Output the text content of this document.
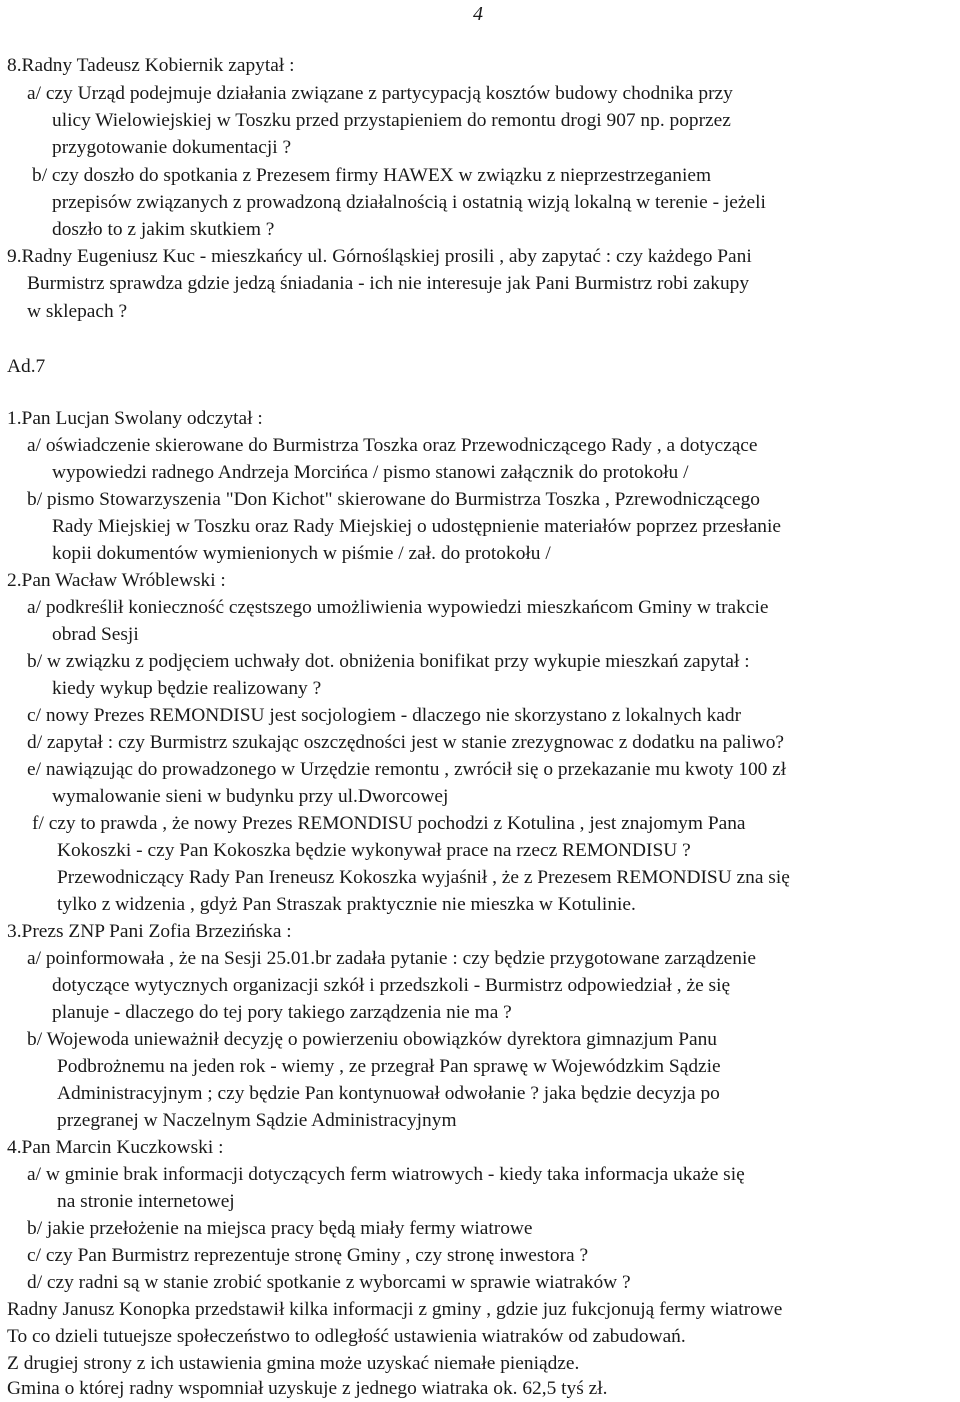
4
8.Radny Tadeusz Kobiernik zapytał :
a/ czy Urząd podejmuje działania związane z partycypacją kosztów budowy chodnika przy
ulicy Wielowiejskiej w Toszku przed przystapieniem do remontu drogi 907 np. poprzez
przygotowanie dokumentacji ?
b/ czy doszło do spotkania z Prezesem firmy HAWEX w związku z nieprzestrzeganiem
przepisów związanych z prowadzoną działalnością i ostatnią wizją lokalną w terenie - jeżeli
doszło to z jakim skutkiem ?
9.Radny Eugeniusz Kuc - mieszkańcy ul. Górnośląskiej prosili , aby zapytać : czy każdego Pani
Burmistrz sprawdza gdzie jedzą śniadania - ich nie interesuje jak Pani Burmistrz robi zakupy
w sklepach ?
Ad.7
1.Pan Lucjan Swolany odczytał :
a/ oświadczenie skierowane do Burmistrza Toszka oraz Przewodniczącego Rady , a dotyczące
wypowiedzi radnego Andrzeja Morcińca / pismo stanowi załącznik do protokołu /
b/ pismo Stowarzyszenia "Don Kichot" skierowane do Burmistrza Toszka , Pzrewodniczącego
Rady Miejskiej w Toszku oraz Rady Miejskiej o udostępnienie materiałów poprzez przesłanie
kopii dokumentów wymienionych w piśmie / zał. do protokołu /
2.Pan Wacław Wróblewski :
a/ podkreślił konieczność częstszego umożliwienia wypowiedzi mieszkańcom Gminy w trakcie
obrad Sesji
b/ w związku z podjęciem uchwały dot. obniżenia bonifikat przy wykupie mieszkań zapytał :
kiedy wykup będzie realizowany ?
c/ nowy Prezes REMONDISU jest socjologiem - dlaczego nie skorzystano z lokalnych kadr
d/ zapytał : czy Burmistrz szukając oszczędności jest w stanie zrezygnowac z dodatku na paliwo?
e/ nawiązując do prowadzonego w Urzędzie remontu , zwrócił się o przekazanie mu kwoty 100 zł
wymalowanie sieni w budynku przy ul.Dworcowej
f/ czy to prawda , że nowy Prezes REMONDISU pochodzi z Kotulina , jest znajomym Pana
Kokoszki - czy Pan Kokoszka będzie wykonywał prace na rzecz REMONDISU ?
Przewodniczący Rady Pan Ireneusz Kokoszka wyjaśnił , że z Prezesem REMONDISU zna się
tylko z widzenia , gdyż Pan Straszak praktycznie nie mieszka w Kotulinie.
3.Prezs ZNP Pani Zofia Brzezińska :
a/ poinformowała , że na Sesji 25.01.br zadała pytanie : czy będzie przygotowane zarządzenie
dotyczące wytycznych organizacji szkół i przedszkoli - Burmistrz odpowiedział , że się
planuje - dlaczego do tej pory takiego zarządzenia nie ma ?
b/ Wojewoda unieważnił decyzję o powierzeniu obowiązków dyrektora gimnazjum Panu
Podbrożnemu na jeden rok - wiemy , ze przegrał Pan sprawę w Wojewódzkim Sądzie
Administracyjnym ; czy będzie Pan kontynuował odwołanie ? jaka będzie decyzja po
przegranej w Naczelnym Sądzie Administracyjnym
4.Pan Marcin Kuczkowski :
a/ w gminie brak informacji dotyczących ferm wiatrowych - kiedy taka informacja ukaże się
na stronie internetowej
b/ jakie przełożenie na miejsca pracy będą miały fermy wiatrowe
c/ czy Pan Burmistrz reprezentuje stronę Gminy , czy stronę inwestora ?
d/ czy radni są w stanie zrobić spotkanie z wyborcami w sprawie wiatraków ?
Radny Janusz Konopka przedstawił kilka informacji z gminy , gdzie juz fukcjonują fermy wiatrowe
To co dzieli tutuejsze społeczeństwo to odległość ustawienia wiatraków od zabudowań.
Z drugiej strony z ich ustawienia gmina może uzyskać niemałe pieniądze.
Gmina o której radny wspomniał uzyskuje z jednego wiatraka ok. 62,5 tyś zł.
